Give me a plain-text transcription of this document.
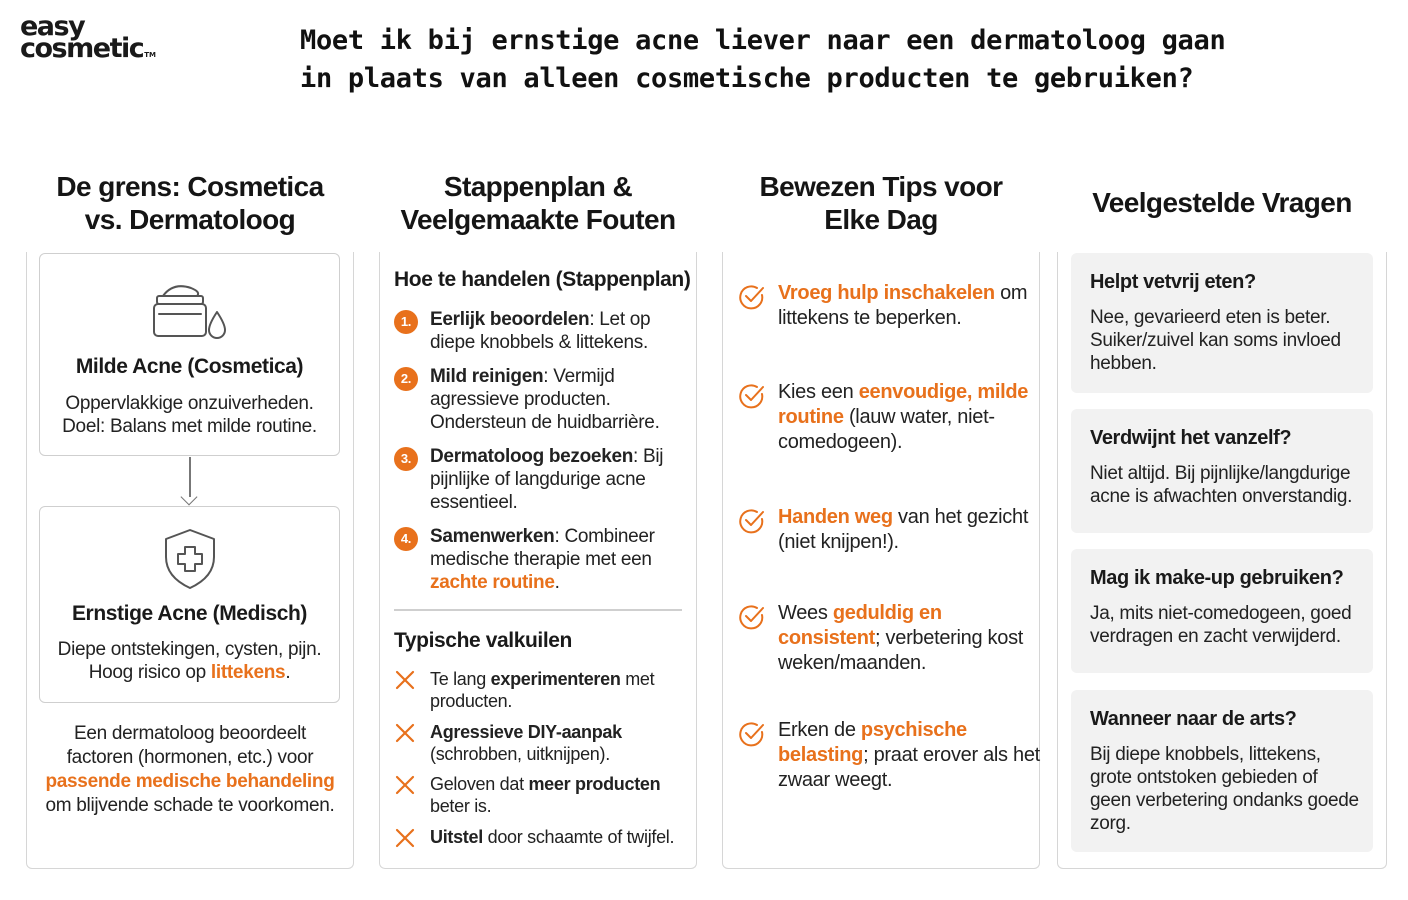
easy
cosmetic™	Moet ik bij ernstige acne liever naar een dermatoloog gaan
in plaats van alleen cosmetische producten te gebruiken?
De grens: Cosmetica
vs. Dermatoloog
Stappenplan &
Veelgemaakte Fouten
Bewezen Tips voor
Elke Dag
Veelgestelde Vragen
Milde Acne (Cosmetica)
Oppervlakkige onzuiverheden.
Doel: Balans met milde routine.
Ernstige Acne (Medisch)
Diepe ontstekingen, cysten, pijn.
Hoog risico op littekens.
Een dermatoloog beoordeelt factoren (hormonen, etc.) voor passende medische behandeling om blijvende schade te voorkomen.
Hoe te handelen (Stappenplan)
1. Eerlijk beoordelen: Let op diepe knobbels & littekens.
2. Mild reinigen: Vermijd agressieve producten. Ondersteun de huidbarrière.
3. Dermatoloog bezoeken: Bij pijnlijke of langdurige acne essentieel.
4. Samenwerken: Combineer medische therapie met een zachte routine.
Typische valkuilen
Te lang experimenteren met producten.
Agressieve DIY-aanpak (schrobben, uitknijpen).
Geloven dat meer producten beter is.
Uitstel door schaamte of twijfel.
Vroeg hulp inschakelen om littekens te beperken.
Kies een eenvoudige, milde routine (lauw water, niet-comedogeen).
Handen weg van het gezicht (niet knijpen!).
Wees geduldig en consistent; verbetering kost weken/maanden.
Erken de psychische belasting; praat erover als het zwaar weegt.
Helpt vetvrij eten?
Nee, gevarieerd eten is beter. Suiker/zuivel kan soms invloed hebben.
Verdwijnt het vanzelf?
Niet altijd. Bij pijnlijke/langdurige acne is afwachten onverstandig.
Mag ik make-up gebruiken?
Ja, mits niet-comedogeen, goed verdragen en zacht verwijderd.
Wanneer naar de arts?
Bij diepe knobbels, littekens, grote ontstoken gebieden of geen verbetering ondanks goede zorg.
